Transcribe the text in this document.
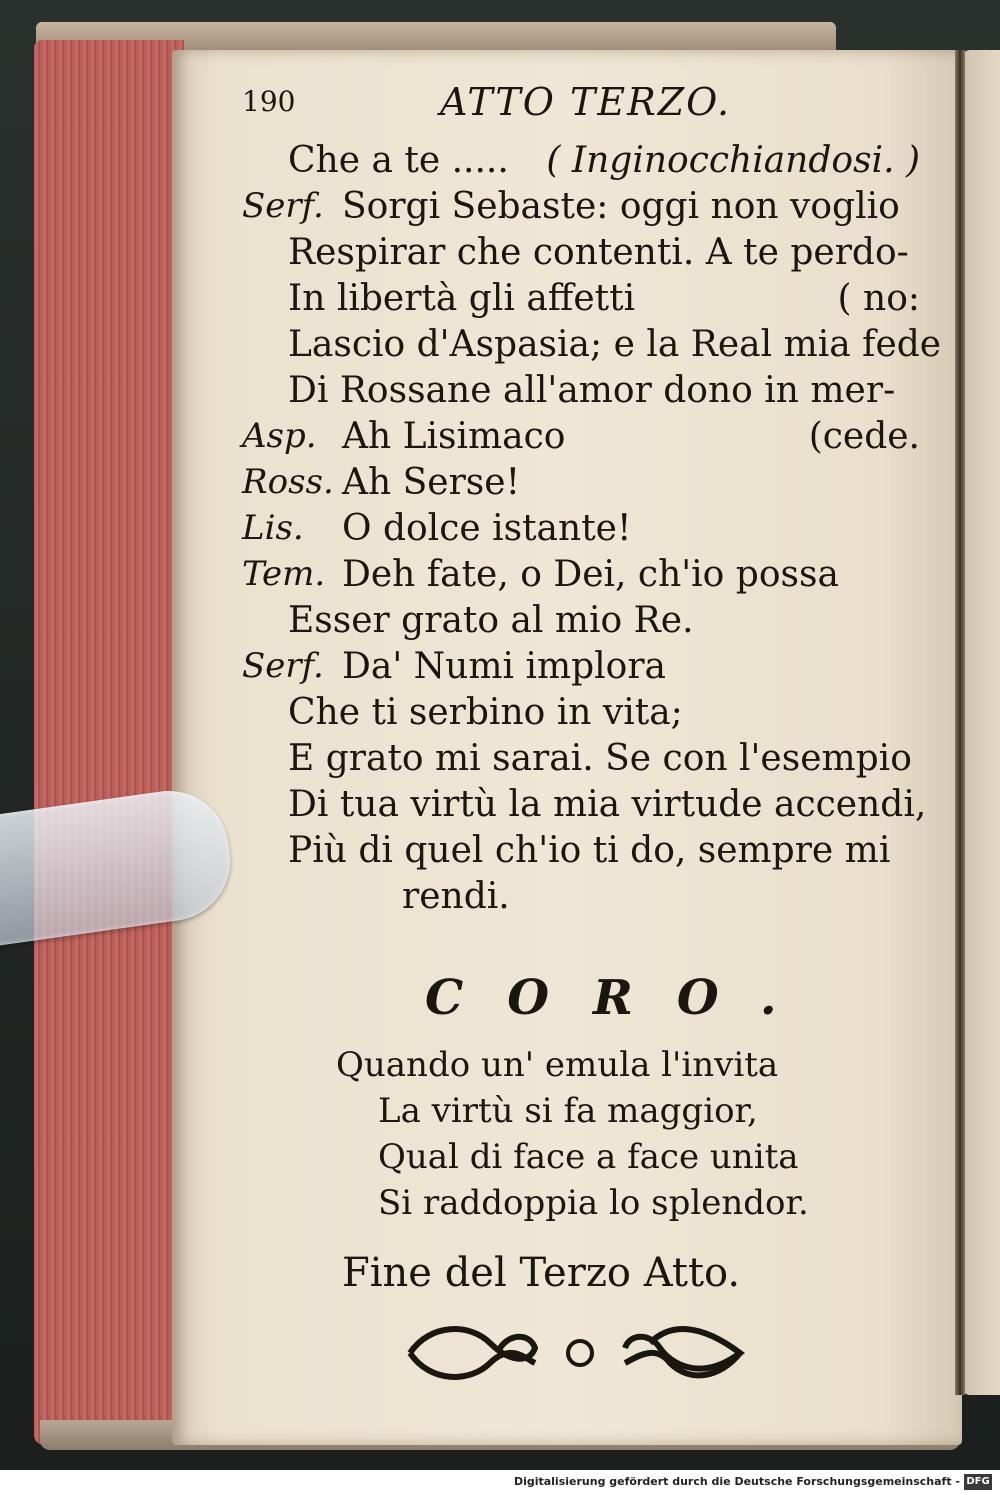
190	ATTO TERZO.
Che a te ..... ( Inginocchiandosi. )
Serf. Sorgi Sebaste: oggi non voglio
Respirar che contenti. A te perdo-
In libertà gli affetti	( no:
Lascio d'Aspasia; e la Real mia fede
Di Rossane all'amor dono in mer-
Asp. Ah Lisimaco	(cede.
Ross. Ah Serse!
Lis. O dolce istante!
Tem. Deh fate, o Dei, ch'io possa
Esser grato al mio Re.
Serf. Da' Numi implora
Che ti serbino in vita;
E grato mi sarai. Se con l'esempio
Di tua virtù la mia virtude accendi,
Più di quel ch'io ti do, sempre mi
rendi.
CORO.
Quando un' emula l'invita
La virtù si fa maggior,
Qual di face a face unita
Si raddoppia lo splendor.
Fine del Terzo Atto.
Digitalisierung gefördert durch die Deutsche Forschungsgemeinschaft - DFG
